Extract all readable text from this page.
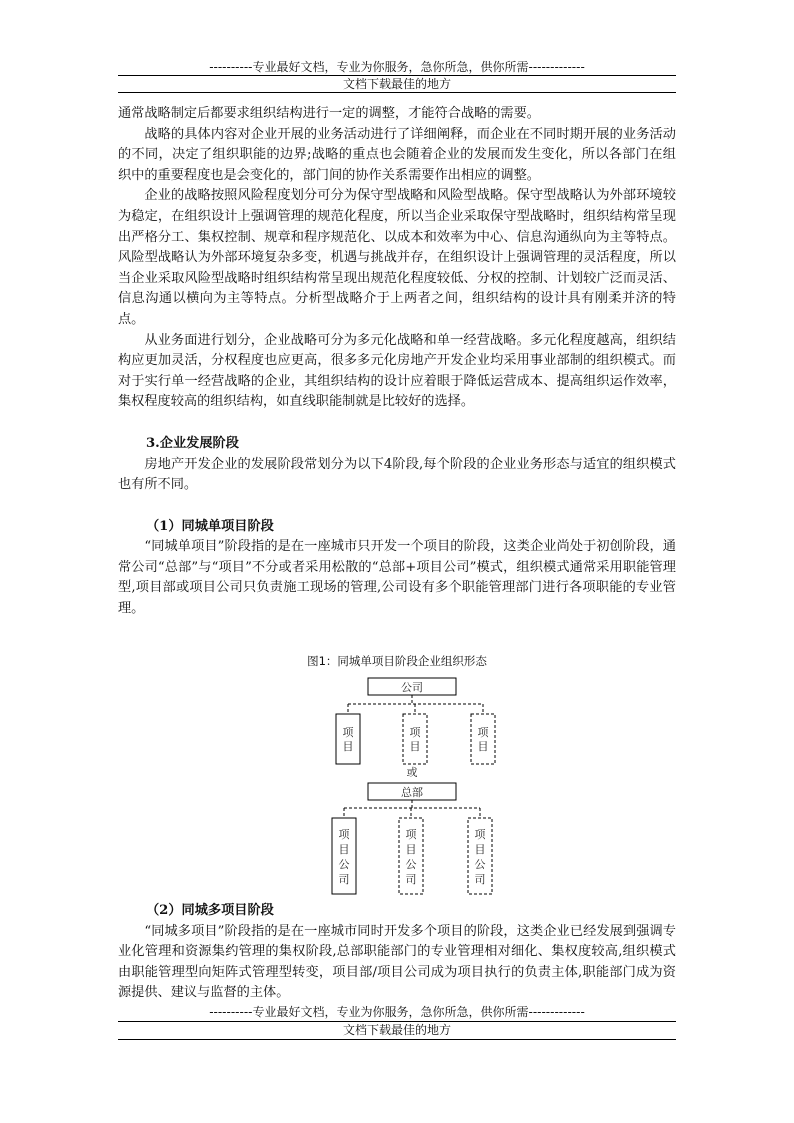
----------专业最好文档，专业为你服务，急你所急，供你所需-------------
文档下载最佳的地方

通常战略制定后都要求组织结构进行一定的调整，才能符合战略的需要。

战略的具体内容对企业开展的业务活动进行了详细阐释，而企业在不同时期开展的业务活动的不同，决定了组织职能的边界;战略的重点也会随着企业的发展而发生变化，所以各部门在组织中的重要程度也是会变化的，部门间的协作关系需要作出相应的调整。

企业的战略按照风险程度划分可分为保守型战略和风险型战略。保守型战略认为外部环境较为稳定，在组织设计上强调管理的规范化程度，所以当企业采取保守型战略时，组织结构常呈现出严格分工、集权控制、规章和程序规范化、以成本和效率为中心、信息沟通纵向为主等特点。风险型战略认为外部环境复杂多变，机遇与挑战并存，在组织设计上强调管理的灵活程度，所以当企业采取风险型战略时组织结构常呈现出规范化程度较低、分权的控制、计划较广泛而灵活、信息沟通以横向为主等特点。分析型战略介于上两者之间，组织结构的设计具有刚柔并济的特点。

从业务面进行划分，企业战略可分为多元化战略和单一经营战略。多元化程度越高，组织结构应更加灵活，分权程度也应更高，很多多元化房地产开发企业均采用事业部制的组织模式。而对于实行单一经营战略的企业，其组织结构的设计应着眼于降低运营成本、提高组织运作效率，集权程度较高的组织结构，如直线职能制就是比较好的选择。

3.企业发展阶段

房地产开发企业的发展阶段常划分为以下4阶段,每个阶段的企业业务形态与适宜的组织模式也有所不同。

（1）同城单项目阶段

“同城单项目”阶段指的是在一座城市只开发一个项目的阶段，这类企业尚处于初创阶段，通常公司“总部”与“项目”不分或者采用松散的“总部+项目公司”模式，组织模式通常采用职能管理型,项目部或项目公司只负责施工现场的管理,公司设有多个职能管理部门进行各项职能的专业管理。

图1：同城单项目阶段企业组织形态
公司
项
目
项
目
项
目
或
总部
项
目
公
司
项
目
公
司
项
目
公
司

（2）同城多项目阶段

“同城多项目”阶段指的是在一座城市同时开发多个项目的阶段，这类企业已经发展到强调专业化管理和资源集约管理的集权阶段,总部职能部门的专业管理相对细化、集权度较高,组织模式由职能管理型向矩阵式管理型转变，项目部/项目公司成为项目执行的负责主体,职能部门成为资源提供、建议与监督的主体。

----------专业最好文档，专业为你服务，急你所急，供你所需-------------
文档下载最佳的地方
